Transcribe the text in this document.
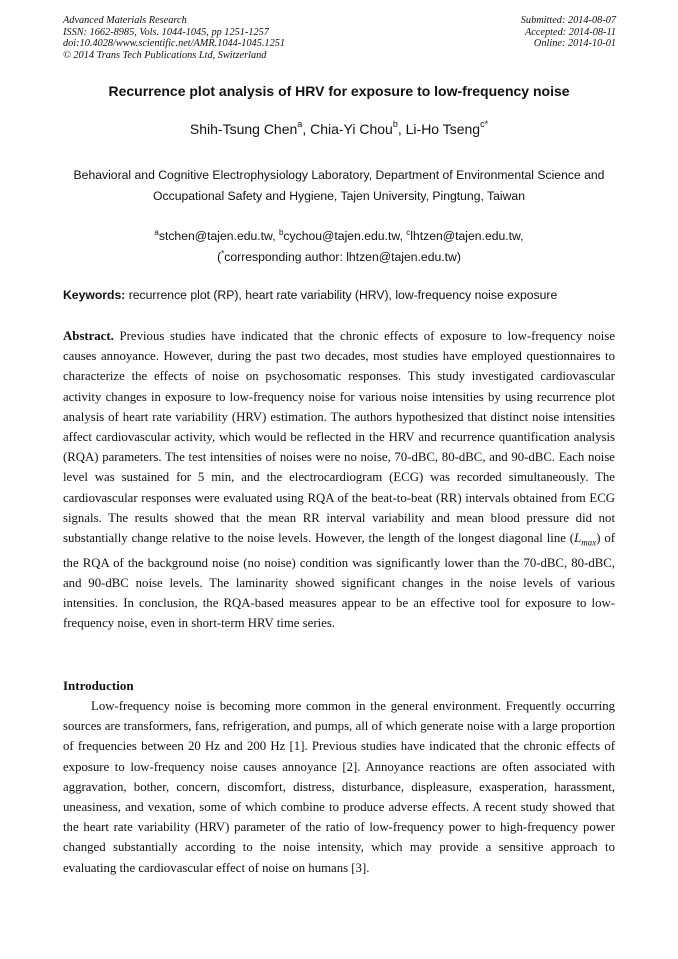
Advanced Materials Research
ISSN: 1662-8985, Vols. 1044-1045, pp 1251-1257
doi:10.4028/www.scientific.net/AMR.1044-1045.1251
© 2014 Trans Tech Publications Ltd, Switzerland
Submitted: 2014-08-07
Accepted: 2014-08-11
Online: 2014-10-01
Recurrence plot analysis of HRV for exposure to low-frequency noise
Shih-Tsung Chen$^a$, Chia-Yi Chou$^b$, Li-Ho Tseng$^{c*}$
Behavioral and Cognitive Electrophysiology Laboratory, Department of Environmental Science and Occupational Safety and Hygiene, Tajen University, Pingtung, Taiwan
$^a$stchen@tajen.edu.tw, $^b$cychou@tajen.edu.tw, $^c$lhtzen@tajen.edu.tw,
(*corresponding author: lhtzen@tajen.edu.tw)
Keywords: recurrence plot (RP), heart rate variability (HRV), low-frequency noise exposure
Abstract. Previous studies have indicated that the chronic effects of exposure to low-frequency noise causes annoyance. However, during the past two decades, most studies have employed questionnaires to characterize the effects of noise on psychosomatic responses. This study investigated cardiovascular activity changes in exposure to low-frequency noise for various noise intensities by using recurrence plot analysis of heart rate variability (HRV) estimation. The authors hypothesized that distinct noise intensities affect cardiovascular activity, which would be reflected in the HRV and recurrence quantification analysis (RQA) parameters. The test intensities of noises were no noise, 70-dBC, 80-dBC, and 90-dBC. Each noise level was sustained for 5 min, and the electrocardiogram (ECG) was recorded simultaneously. The cardiovascular responses were evaluated using RQA of the beat-to-beat (RR) intervals obtained from ECG signals. The results showed that the mean RR interval variability and mean blood pressure did not substantially change relative to the noise levels. However, the length of the longest diagonal line $(L_{max})$ of the RQA of the background noise (no noise) condition was significantly lower than the 70-dBC, 80-dBC, and 90-dBC noise levels. The laminarity showed significant changes in the noise levels of various intensities. In conclusion, the RQA-based measures appear to be an effective tool for exposure to low-frequency noise, even in short-term HRV time series.
Introduction
Low-frequency noise is becoming more common in the general environment. Frequently occurring sources are transformers, fans, refrigeration, and pumps, all of which generate noise with a large proportion of frequencies between 20 Hz and 200 Hz [1]. Previous studies have indicated that the chronic effects of exposure to low-frequency noise causes annoyance [2]. Annoyance reactions are often associated with aggravation, bother, concern, discomfort, distress, disturbance, displeasure, exasperation, harassment, uneasiness, and vexation, some of which combine to produce adverse effects. A recent study showed that the heart rate variability (HRV) parameter of the ratio of low-frequency power to high-frequency power changed substantially according to the noise intensity, which may provide a sensitive approach to evaluating the cardiovascular effect of noise on humans [3].
